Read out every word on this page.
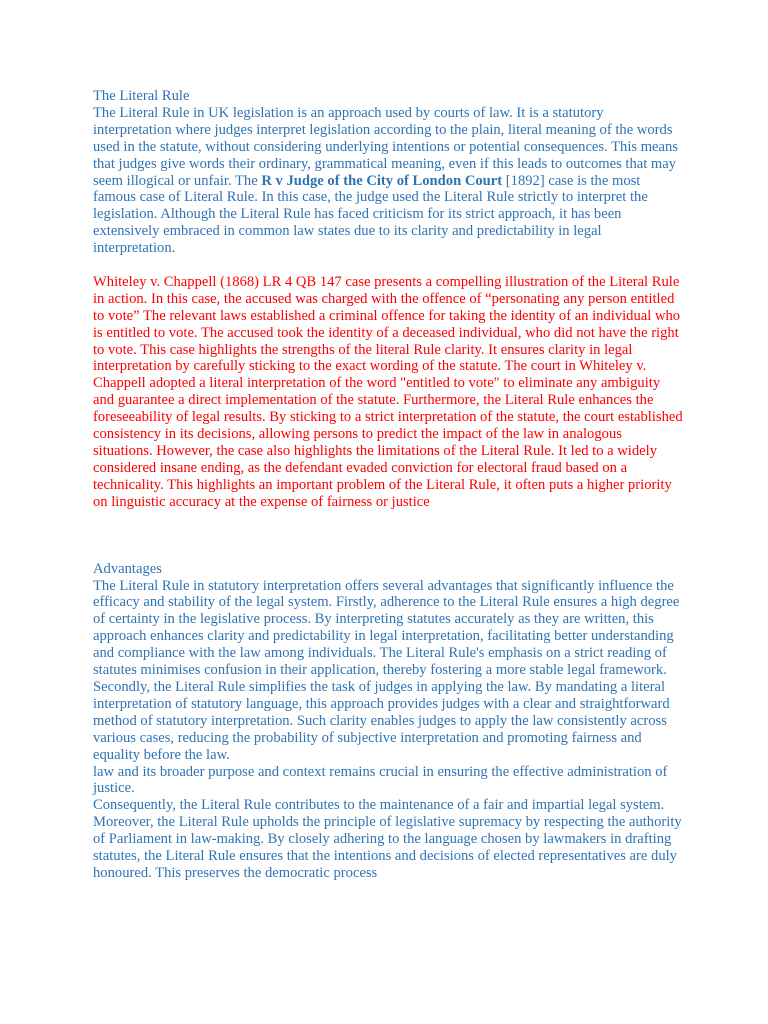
The Literal Rule

The Literal Rule in UK legislation is an approach used by courts of law. It is a statutory interpretation where judges interpret legislation according to the plain, literal meaning of the words used in the statute, without considering underlying intentions or potential consequences. This means that judges give words their ordinary, grammatical meaning, even if this leads to outcomes that may seem illogical or unfair. The R v Judge of the City of London Court [1892] case is the most famous case of Literal Rule. In this case, the judge used the Literal Rule strictly to interpret the legislation. Although the Literal Rule has faced criticism for its strict approach, it has been extensively embraced in common law states due to its clarity and predictability in legal interpretation.

Whiteley v. Chappell (1868) LR 4 QB 147 case presents a compelling illustration of the Literal Rule in action. In this case, the accused was charged with the offence of “personating any person entitled to vote” The relevant laws established a criminal offence for taking the identity of an individual who is entitled to vote. The accused took the identity of a deceased individual, who did not have the right to vote. This case highlights the strengths of the literal Rule clarity. It ensures clarity in legal interpretation by carefully sticking to the exact wording of the statute. The court in Whiteley v. Chappell adopted a literal interpretation of the word "entitled to vote" to eliminate any ambiguity and guarantee a direct implementation of the statute. Furthermore, the Literal Rule enhances the foreseeability of legal results. By sticking to a strict interpretation of the statute, the court established consistency in its decisions, allowing persons to predict the impact of the law in analogous situations. However, the case also highlights the limitations of the Literal Rule. It led to a widely considered insane ending, as the defendant evaded conviction for electoral fraud based on a technicality. This highlights an important problem of the Literal Rule, it often puts a higher priority on linguistic accuracy at the expense of fairness or justice

Advantages

The Literal Rule in statutory interpretation offers several advantages that significantly influence the efficacy and stability of the legal system. Firstly, adherence to the Literal Rule ensures a high degree of certainty in the legislative process. By interpreting statutes accurately as they are written, this approach enhances clarity and predictability in legal interpretation, facilitating better understanding and compliance with the law among individuals. The Literal Rule's emphasis on a strict reading of statutes minimises confusion in their application, thereby fostering a more stable legal framework.

Secondly, the Literal Rule simplifies the task of judges in applying the law. By mandating a literal interpretation of statutory language, this approach provides judges with a clear and straightforward method of statutory interpretation. Such clarity enables judges to apply the law consistently across various cases, reducing the probability of subjective interpretation and promoting fairness and equality before the law.

law and its broader purpose and context remains crucial in ensuring the effective administration of justice.

Consequently, the Literal Rule contributes to the maintenance of a fair and impartial legal system. Moreover, the Literal Rule upholds the principle of legislative supremacy by respecting the authority of Parliament in law-making. By closely adhering to the language chosen by lawmakers in drafting statutes, the Literal Rule ensures that the intentions and decisions of elected representatives are duly honoured. This preserves the democratic process
